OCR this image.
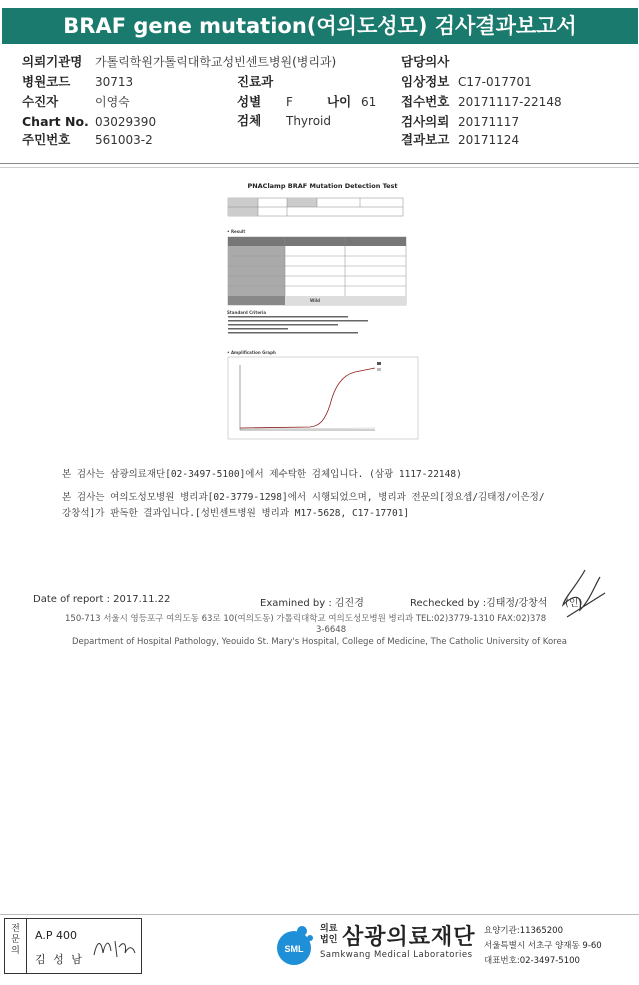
BRAF gene mutation(여의도성모) 검사결과보고서
의뢰기관명 가톨릭학원가톨릭대학교성빈센트병원(병리과)	담당의사
병원코드 30713	진료과	임상정보 C17-017701
수진자	이영숙	성별 F	나이 61 접수번호 20171117-22148
Chart No. 03029390	검체 Thyroid	검사의뢰 20171117
주민번호 561003-2	결과보고 20171124
PNAClamp BRAF Mutation Detection Test
• Result
Wild
Standard Criteria
• Amplification Graph
본 검사는 삼광의료재단[02-3497-5100]에서 제수탁한 검체입니다. (삼광 1117-22148)
본 검사는 여의도성모병원 병리과[02-3779-1298]에서 시행되었으며, 병리과 전문의[정요셉/김태정/이은정/
강창석]가 판독한 결과입니다.[성빈센트병원 병리과 M17-5628, C17-17701]
Date of report : 2017.11.22	Examined by : 김진경	Rechecked by :김태정/강창석 (인)
150-713 서울시 영등포구 여의도동 63로 10(여의도동) 가톨릭대학교 여의도성모병원 병리과 TEL:02)3779-1310 FAX:02)378
3-6648
Department of Hospital Pathology, Yeouido St. Mary's Hospital, College of Medicine, The Catholic University of Korea
전
문
의
A.P 400
김 성 남
SML
의료법인 삼광의료재단
Samkwang Medical Laboratories
요양기관:11365200
서울특별시 서초구 양재동 9-60
대표번호:02-3497-5100
